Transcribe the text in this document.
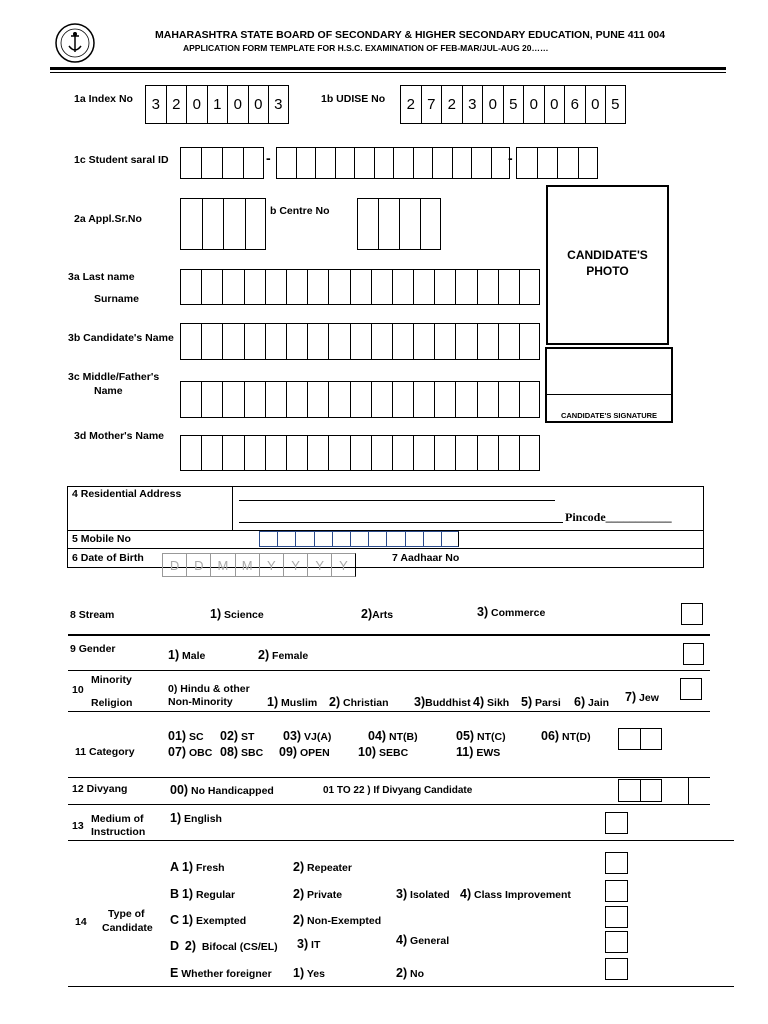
MAHARASHTRA STATE BOARD OF SECONDARY & HIGHER SECONDARY EDUCATION, PUNE 411 004
APPLICATION FORM TEMPLATE FOR H.S.C. EXAMINATION OF FEB-MAR/JUL-AUG 20……
1a Index No	3 2 0 1 0 0 3	1b UDISE No	2 7 2 3 0 5 0 0 6 0 5
1c Student saral ID	-	-
2a Appl.Sr.No
b Centre No
CANDIDATE'S
PHOTO
CANDIDATE'S SIGNATURE
3a Last name
Surname
3b Candidate's Name
3c Middle/Father's
Name
3d Mother's Name
4 Residential Address
Pincode___________
5 Mobile No
6 Date of Birth	D	D	M	M	Y	Y	Y	Y	7 Aadhaar No
8 Stream	1) Science	2)Arts	3) Commerce
9 Gender	1) Male	2) Female
10
Minority
Religion
0) Hindu & other
Non-Minority	1) Muslim 2) Christian 3)Buddhist 4) Sikh 5) Parsi 6) Jain 7) Jew
11 Category
01) SC 02) ST 03) VJ(A)	04) NT(B)	05) NT(C)	06) NT(D)
07) OBC 08) SBC 09) OPEN 10) SEBC	11) EWS
12 Divyang	00) No Handicapped	01 TO 22 ) If Divyang Candidate
13
Medium of
Instruction
1) English
14
Type of
Candidate
A 1) Fresh	2) Repeater
B 1) Regular	2) Private	3) Isolated 4) Class Improvement
C 1) Exempted	2) Non-Exempted
D 2) Bifocal (CS/EL) 3) IT	4) General
E Whether foreigner 1) Yes	2) No
